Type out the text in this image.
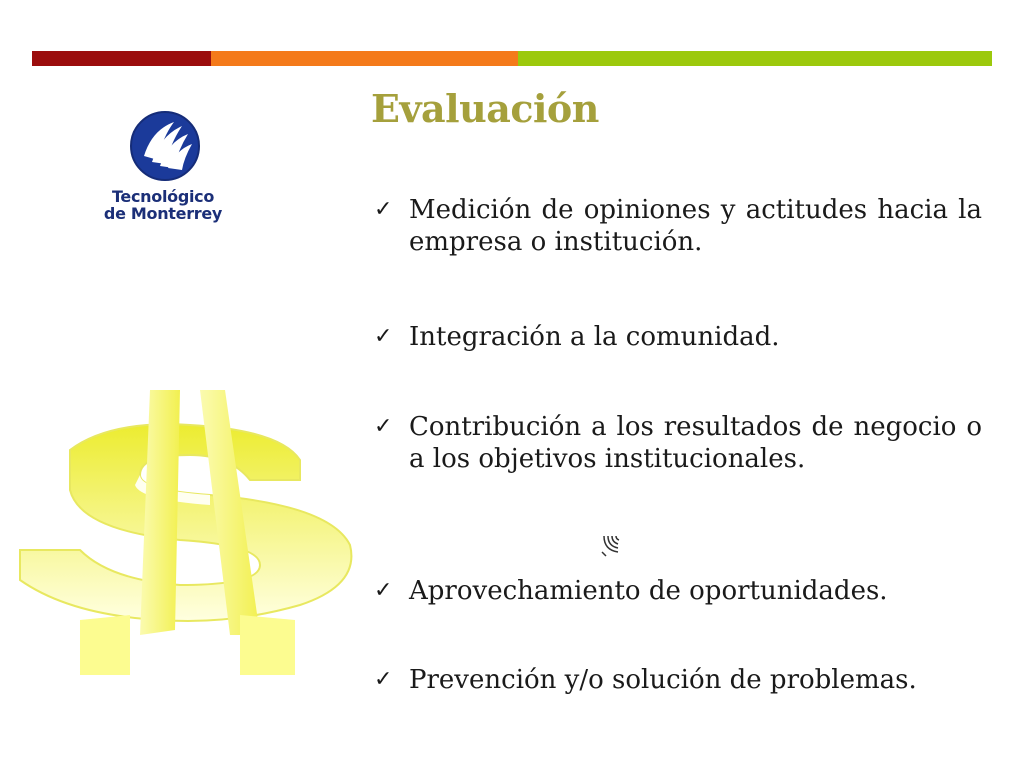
Tecnológico
de Monterrey
Evaluación
✓ Medición de opiniones y actitudes hacia la empresa o institución.
✓ Integración a la comunidad.
✓ Contribución a los resultados de negocio o a los objetivos institucionales.
✓ Aprovechamiento de oportunidades.
✓ Prevención y/o solución de problemas.
